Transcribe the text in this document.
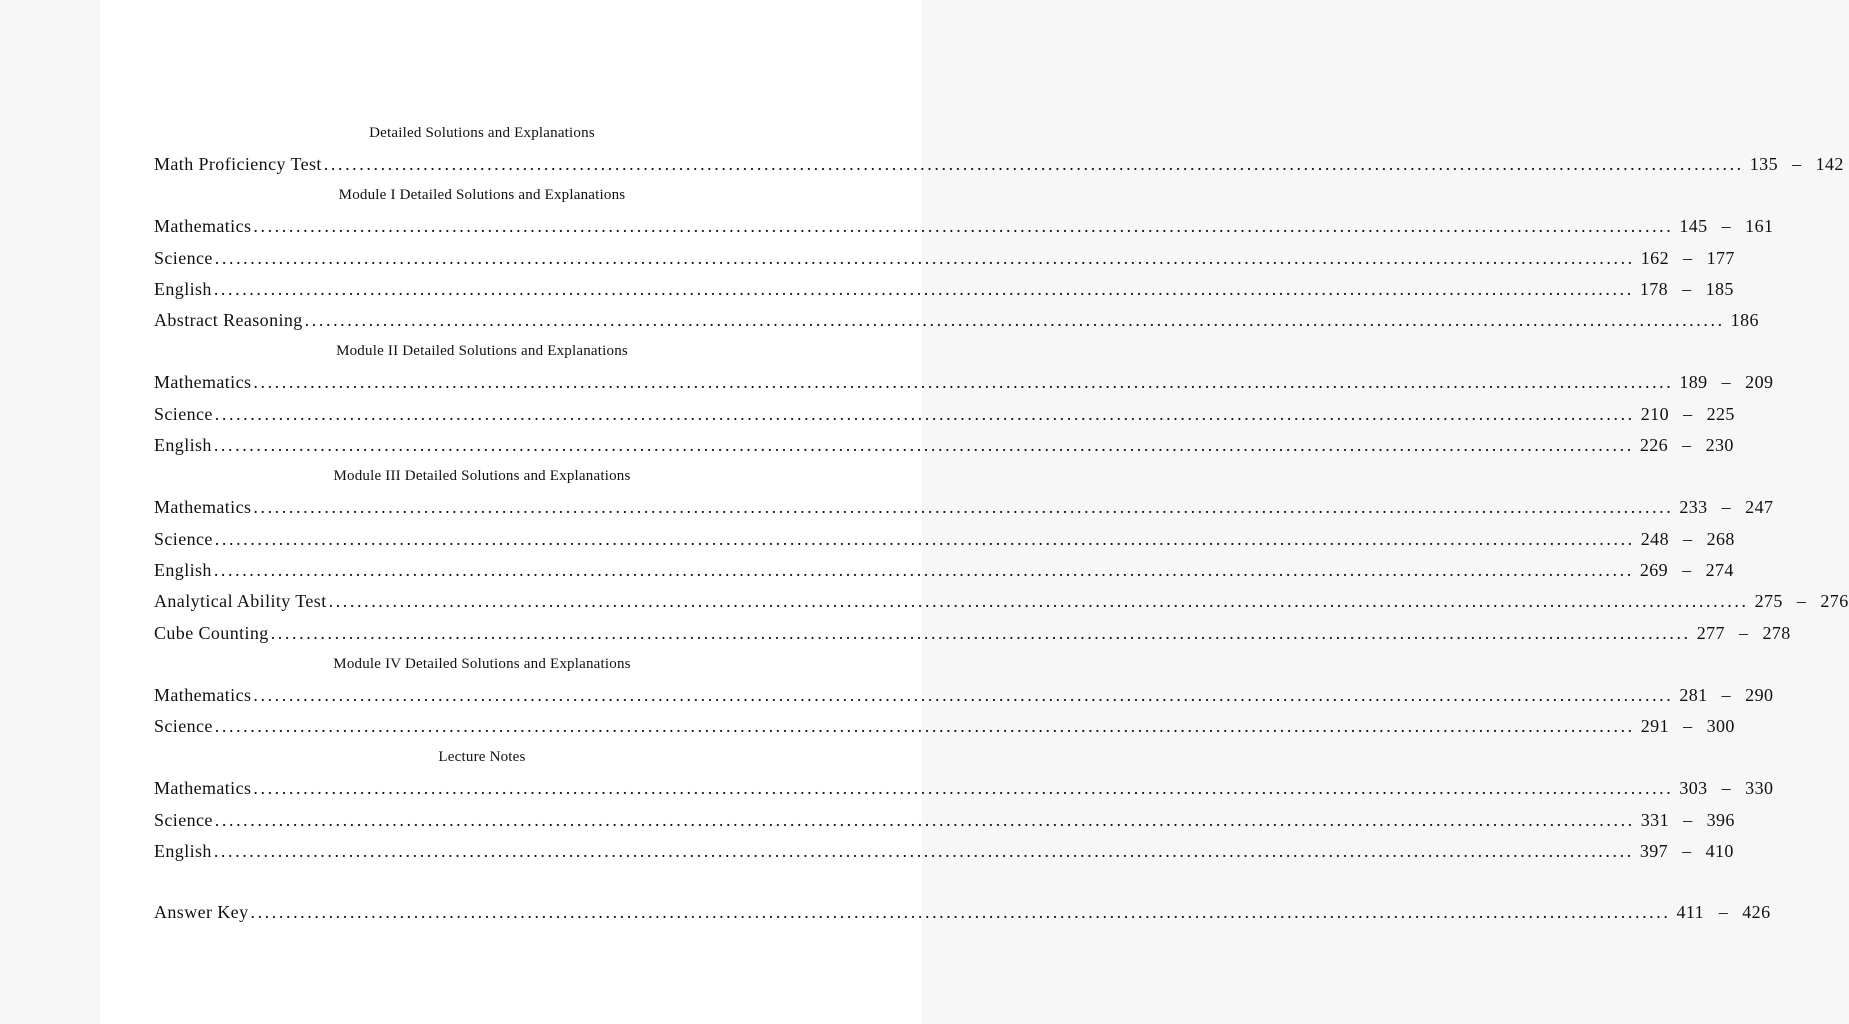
Detailed Solutions and Explanations
Math Proficiency Test ........................................................................................................................................................................................................ 135 – 142
Module I Detailed Solutions and Explanations
Mathematics ........................................................................................................................................................................................................ 145 – 161
Science ........................................................................................................................................................................................................ 162 – 177
English ........................................................................................................................................................................................................ 178 – 185
Abstract Reasoning ........................................................................................................................................................................................................ 186
Module II Detailed Solutions and Explanations
Mathematics ........................................................................................................................................................................................................ 189 – 209
Science ........................................................................................................................................................................................................ 210 – 225
English ........................................................................................................................................................................................................ 226 – 230
Module III Detailed Solutions and Explanations
Mathematics ........................................................................................................................................................................................................ 233 – 247
Science ........................................................................................................................................................................................................ 248 – 268
English ........................................................................................................................................................................................................ 269 – 274
Analytical Ability Test ........................................................................................................................................................................................................ 275 – 276
Cube Counting ........................................................................................................................................................................................................ 277 – 278
Module IV Detailed Solutions and Explanations
Mathematics ........................................................................................................................................................................................................ 281 – 290
Science ........................................................................................................................................................................................................ 291 – 300
Lecture Notes
Mathematics ........................................................................................................................................................................................................ 303 – 330
Science ........................................................................................................................................................................................................ 331 – 396
English ........................................................................................................................................................................................................ 397 – 410
Answer Key ........................................................................................................................................................................................................ 411 – 426
